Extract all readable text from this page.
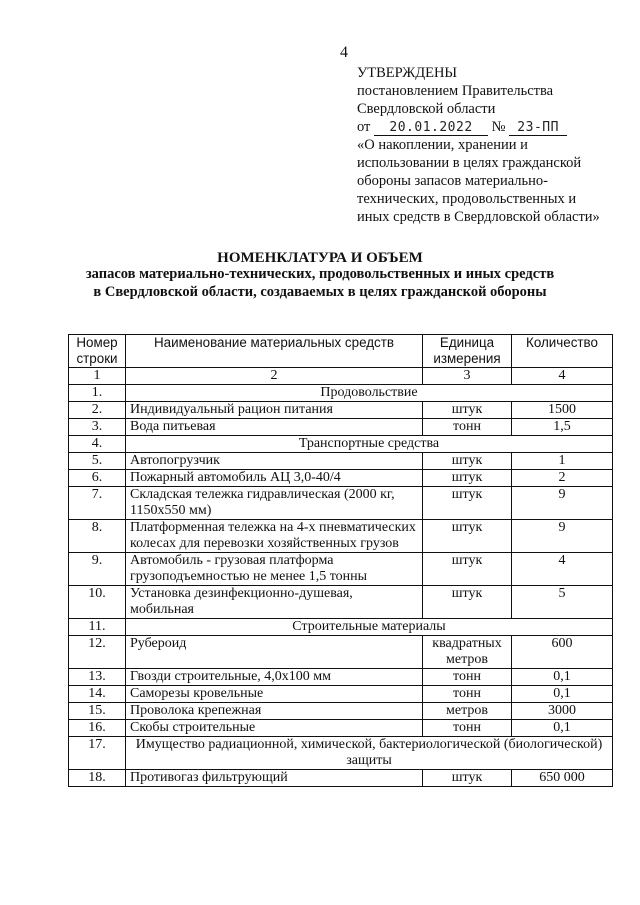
4
УТВЕРЖДЕНЫ
постановлением Правительства
Свердловской области
от 20.01.2022 № 23-ПП
«О накоплении, хранении и
использовании в целях гражданской
обороны запасов материально-
технических, продовольственных и
иных средств в Свердловской области»
НОМЕНКЛАТУРА И ОБЪЕМ
запасов материально-технических, продовольственных и иных средств
в Свердловской области, создаваемых в целях гражданской обороны
Номер строки	Наименование материальных средств	Единица измерения	Количество
1	2	3	4
1.	Продовольствие		
2.	Индивидуальный рацион питания	штук	1500
3.	Вода питьевая	тонн	1,5
4.	Транспортные средства		
5.	Автопогрузчик	штук	1
6.	Пожарный автомобиль АЦ 3,0-40/4	штук	2
7.	Складская тележка гидравлическая (2000 кг, 1150х550 мм)	штук	9
8.	Платформенная тележка на 4-х пневматических колесах для перевозки хозяйственных грузов	штук	9
9.	Автомобиль - грузовая платформа грузоподъемностью не менее 1,5 тонны	штук	4
10.	Установка дезинфекционно-душевая, мобильная	штук	5
11.	Строительные материалы		
12.	Рубероид	квадратных метров	600
13.	Гвозди строительные, 4,0х100 мм	тонн	0,1
14.	Саморезы кровельные	тонн	0,1
15.	Проволока крепежная	метров	3000
16.	Скобы строительные	тонн	0,1
17.	Имущество радиационной, химической, бактериологической (биологической) защиты		
18.	Противогаз фильтрующий	штук	650 000
